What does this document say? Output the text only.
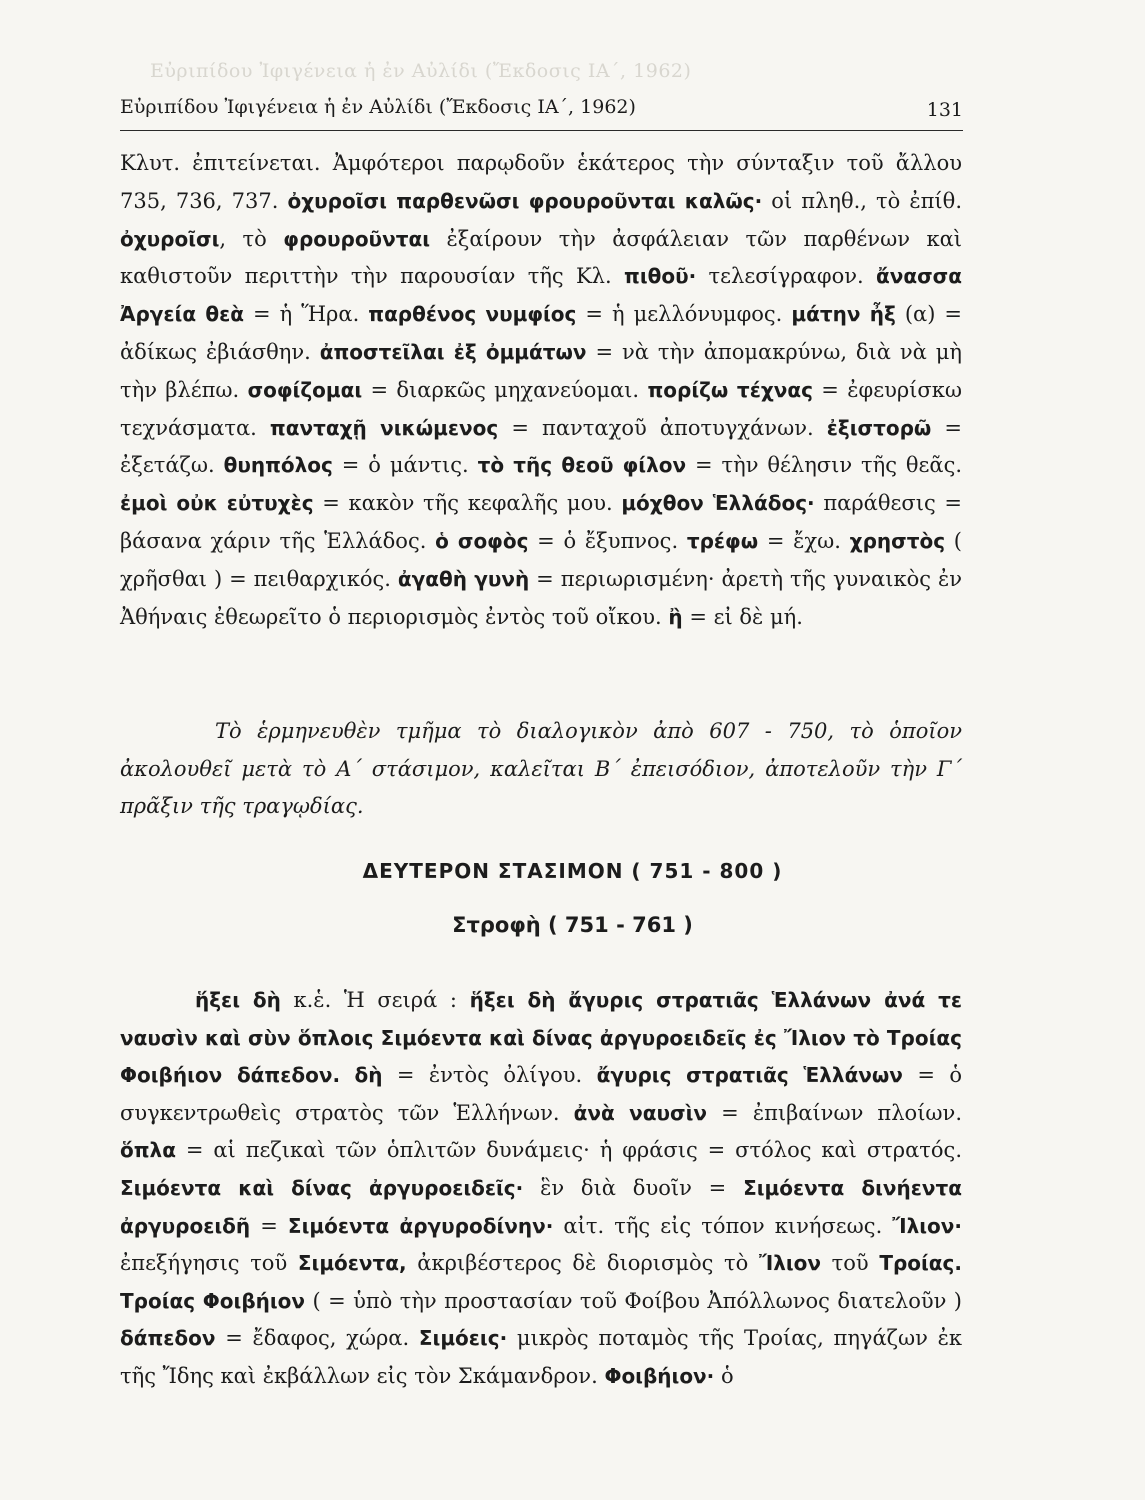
Εὐριπίδου Ἰφιγένεια ἡ ἐν Αὐλίδι (Ἔκδοσις ΙΑ΄, 1962)
Εὐριπίδου Ἰφιγένεια ἡ ἐν Αὐλίδι (Ἔκδοσις ΙΑ΄, 1962)	131

Κλυτ. ἐπιτείνεται. Ἀμφότεροι παρῳδοῦν ἑκάτερος τὴν σύνταξιν τοῦ ἄλλου 735, 736, 737. ὀχυροῖσι παρθενῶσι φρουροῦνται καλῶς· οἱ πληθ., τὸ ἐπίθ. ὀχυροῖσι, τὸ φρουροῦνται ἐξαίρουν τὴν ἀσφάλειαν τῶν παρθένων καὶ καθιστοῦν περιττὴν τὴν παρουσίαν τῆς Κλ. πιθοῦ· τελεσίγραφον. ἄνασσα Ἀργεία θεὰ = ἡ Ἥρα. παρθένος νυμφίος = ἡ μελλόνυμφος. μάτην ἦξ (α) = ἀδίκως ἐβιάσθην. ἀποστεῖλαι ἐξ ὀμμάτων = νὰ τὴν ἀπομακρύνω, διὰ νὰ μὴ τὴν βλέπω. σοφίζομαι = διαρκῶς μηχανεύομαι. πορίζω τέχνας = ἐφευρίσκω τεχνάσματα. πανταχῇ νικώμενος = πανταχοῦ ἀποτυγχάνων. ἐξιστορῶ = ἐξετάζω. θυηπόλος = ὁ μάντις. τὸ τῆς θεοῦ φίλον = τὴν θέλησιν τῆς θεᾶς. ἐμοὶ οὐκ εὐτυχὲς = κακὸν τῆς κεφαλῆς μου. μόχθον Ἑλλάδος· παράθεσις = βάσανα χάριν τῆς Ἑλλάδος. ὁ σοφὸς = ὁ ἔξυπνος. τρέφω = ἔχω. χρηστὸς ( χρῆσθαι ) = πειθαρχικός. ἀγαθὴ γυνὴ = περιωρισμένη· ἀρετὴ τῆς γυναικὸς ἐν Ἀθήναις ἐθεωρεῖτο ὁ περιορισμὸς ἐντὸς τοῦ οἴκου. ἢ = εἰ δὲ μή.

Τὸ ἑρμηνευθὲν τμῆμα τὸ διαλογικὸν ἀπὸ 607 - 750, τὸ ὁποῖον ἀκολουθεῖ μετὰ τὸ Α΄ στάσιμον, καλεῖται Β΄ ἐπεισόδιον, ἀποτελοῦν τὴν Γ΄ πρᾶξιν τῆς τραγῳδίας.

ΔΕΥΤΕΡΟΝ ΣΤΑΣΙΜΟΝ ( 751 - 800 )
Στροφὴ ( 751 - 761 )

ἥξει δὴ κ.ἑ. Ἡ σειρά : ἥξει δὴ ἄγυρις στρατιᾶς Ἑλλάνων ἀνά τε ναυσὶν καὶ σὺν ὅπλοις Σιμόεντα καὶ δίνας ἀργυροειδεῖς ἐς Ἴλιον τὸ Τροίας Φοιβήιον δάπεδον. δὴ = ἐντὸς ὀλίγου. ἄγυρις στρατιᾶς Ἑλλάνων = ὁ συγκεντρωθεὶς στρατὸς τῶν Ἑλλήνων. ἀνὰ ναυσὶν = ἐπιβαίνων πλοίων. ὅπλα = αἱ πεζικαὶ τῶν ὁπλιτῶν δυνάμεις· ἡ φράσις = στόλος καὶ στρατός. Σιμόεντα καὶ δίνας ἀργυροειδεῖς· ἓν διὰ δυοῖν = Σιμόεντα δινήεντα ἀργυροειδῆ = Σιμόεντα ἀργυροδίνην· αἰτ. τῆς εἰς τόπον κινήσεως. Ἴλιον· ἐπεξήγησις τοῦ Σιμόεντα, ἀκριβέστερος δὲ διορισμὸς τὸ Ἴλιον τοῦ Τροίας. Τροίας Φοιβήιον ( = ὑπὸ τὴν προστασίαν τοῦ Φοίβου Ἀπόλλωνος διατελοῦν ) δάπεδον = ἔδαφος, χώρα. Σιμόεις· μικρὸς ποταμὸς τῆς Τροίας, πηγάζων ἐκ τῆς Ἴδης καὶ ἐκβάλλων εἰς τὸν Σκάμανδρον. Φοιβήιον· ὁ
